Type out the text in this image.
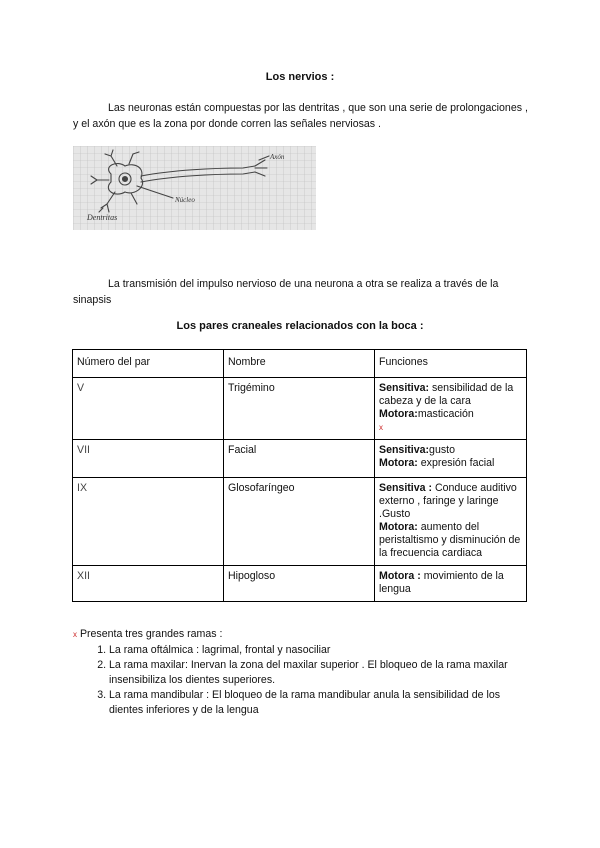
Los nervios :

Las neuronas están compuestas por las dentritas , que son una serie de prolongaciones , y el axón que es la zona por donde corren las señales nerviosas .

Axón
Núcleo
Dentritas

La transmisión del impulso nervioso de una neurona a otra se realiza a través de la sinapsis

Los pares craneales relacionados con la boca :
Número del par	Nombre	Funciones
V	Trigémino	Sensitiva: sensibilidad de la cabeza y de la cara
Motora:masticación
x
VII	Facial	Sensitiva:gusto
Motora: expresión facial
IX	Glosofaríngeo	Sensitiva : Conduce auditivo externo , faringe y laringe .Gusto
Motora: aumento del peristaltismo y disminución de la frecuencia cardiaca
XII	Hipogloso	Motora : movimiento de la lengua
x Presenta tres grandes ramas :
1. La rama oftálmica : lagrimal, frontal y nasociliar
2. La rama maxilar: Inervan la zona del maxilar superior . El bloqueo de la rama maxilar insensibiliza los dientes superiores.
3. La rama mandibular : El bloqueo de la rama mandibular anula la sensibilidad de los dientes inferiores y de la lengua
